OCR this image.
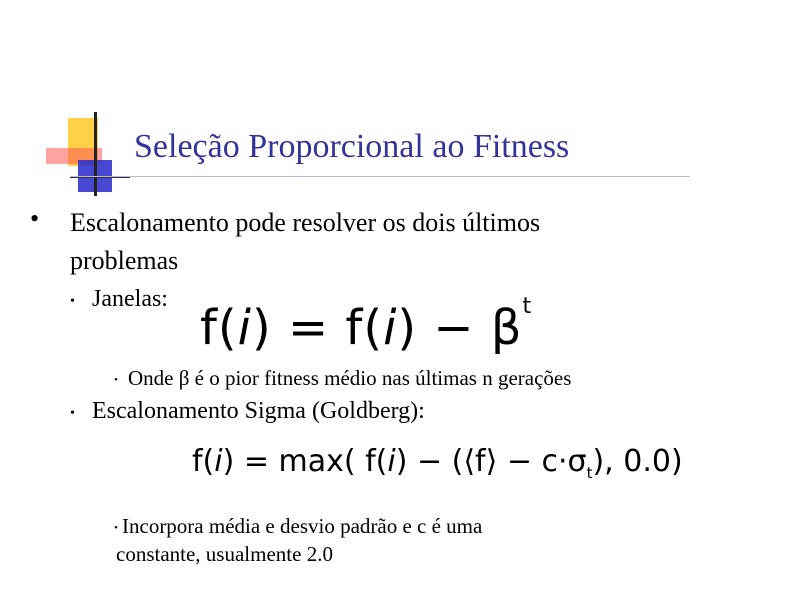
Seleção Proporcional ao Fitness
• Escalonamento pode resolver os dois últimos
problemas
• Janelas:
$f(i) = f(i) - \beta^t$
• Onde β é o pior fitness médio nas últimas n gerações
• Escalonamento Sigma (Goldberg):
f(i) = max( f(i) − (⟨f⟩ − $c\cdot\sigma_t$), 0.0)
• Incorpora média e desvio padrão e c é uma
constante, usualmente 2.0
